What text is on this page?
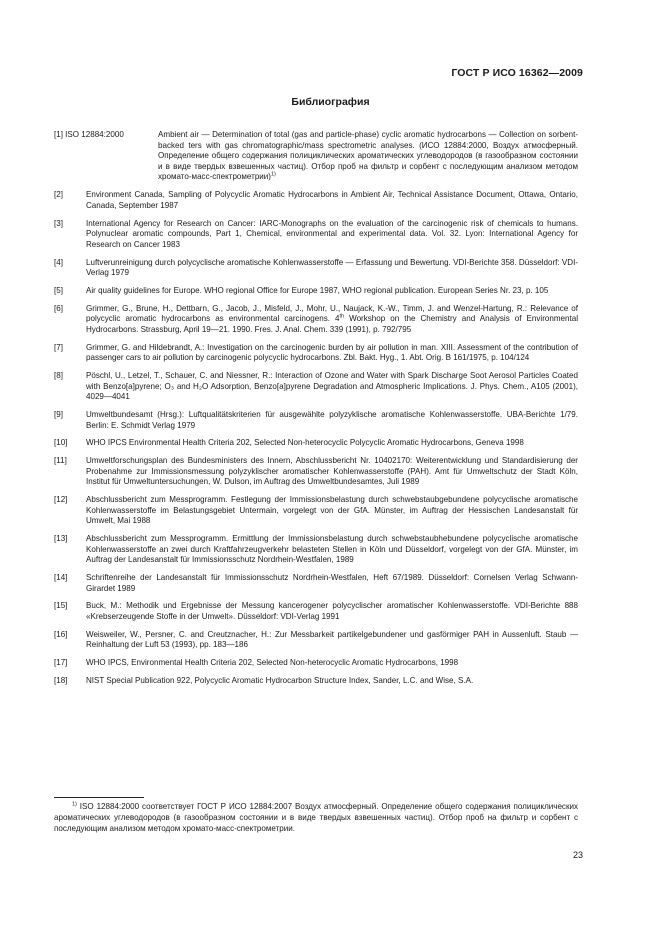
ГОСТ Р ИСО 16362—2009
Библиография
[1] ISO 12884:2000	Ambient air — Determination of total (gas and particle-phase) cyclic aromatic hydrocarbons — Collection on sorbent-backed ters with gas chromatographic/mass spectrometric analyses. (ИСО 12884:2000, Воздух атмосферный. Определение общего содержания полициклических ароматических углеводородов (в газообразном состоянии и в виде твердых взвешенных частиц). Отбор проб на фильтр и сорбент с последующим анализом методом хромато-масс-спектрометрии)$^{1)}$
[2]	Environment Canada, Sampling of Polycyclic Aromatic Hydrocarbons in Ambient Air, Technical Assistance Document, Ottawa, Ontario, Canada, September 1987
[3]	International Agency for Research on Cancer: IARC-Monographs on the evaluation of the carcinogenic risk of chemicals to humans. Polynuclear aromatic compounds, Part 1, Chemical, environmental and experimental data. Vol. 32. Lyon: International Agency for Research on Cancer 1983
[4]	Luftverunreinigung durch polycyclische aromatische Kohlenwasserstoffe — Erfassung und Bewertung. VDI-Berichte 358. Düsseldorf: VDI-Verlag 1979
[5]	Air quality guidelines for Europe. WHO regional Office for Europe 1987, WHO regional publication. European Series Nr. 23, p. 105
[6]	Grimmer, G., Brune, H., Dettbarn, G., Jacob, J., Misfeld, J., Mohr, U., Naujack, K.-W., Timm, J. and Wenzel-Hartung, R.: Relevance of polycyclic aromatic hydrocarbons as environmental carcinogens. 4th Workshop on the Chemistry and Analysis of Environmental Hydrocarbons. Strassburg, April 19—21. 1990. Fres. J. Anal. Chem. 339 (1991), p. 792/795
[7]	Grimmer, G. and Hildebrandt, A.: Investigation on the carcinogenic burden by air pollution in man. XIII. Assessment of the contribution of passenger cars to air pollution by carcinogenic polycyclic hydrocarbons. Zbl. Bakt. Hyg., 1. Abt. Orig. B 161/1975, p. 104/124
[8]	Pöschl, U., Letzel, T., Schauer, C. and Niessner, R.: Interaction of Ozone and Water with Spark Discharge Soot Aerosol Particles Coated with Benzo[a]pyrene; O₃ and H₂O Adsorption, Benzo[a]pyrene Degradation and Atmospheric Implications. J. Phys. Chem., A105 (2001), 4029—4041
[9]	Umweltbundesamt (Hrsg.): Luftqualitätskriterien für ausgewählte polyzyklische aromatische Kohlenwasserstoffe. UBA-Berichte 1/79. Berlin: E. Schmidt Verlag 1979
[10]	WHO IPCS Environmental Health Criteria 202, Selected Non-heterocyclic Polycyclic Aromatic Hydrocarbons, Geneva 1998
[11]	Umweltforschungsplan des Bundesministers des Innern, Abschlussbericht Nr. 10402170: Weiterentwicklung und Standardisierung der Probenahme zur Immissionsmessung polyzyklischer aromatischer Kohlenwasserstoffe (PAH). Amt für Umweltschutz der Stadt Köln, Institut für Umweltuntersuchungen, W. Dulson, im Auftrag des Umweltbundesamtes, Juli 1989
[12]	Abschlussbericht zum Messprogramm. Festlegung der Immissionsbelastung durch schwebstaubgebundene polycyclische aromatische Kohlenwasserstoffe im Belastungsgebiet Untermain, vorgelegt von der GfA. Münster, im Auftrag der Hessischen Landesanstalt für Umwelt, Mai 1988
[13]	Abschlussbericht zum Messprogramm. Ermittlung der Immissionsbelastung durch schwebstaubhebundene polycyclische aromatische Kohlenwasserstoffe an zwei durch Kraftfahrzeugverkehr belasteten Stellen in Köln und Düsseldorf, vorgelegt von der GfA. Münster, im Auftrag der Landesanstalt für Immissionsschutz Nordrhein-Westfalen, 1989
[14]	Schriftenreihe der Landesanstalt für Immissionsschutz Nordrhein-Westfalen, Heft 67/1989. Düsseldorf: Cornelsen Verlag Schwann-Girardet 1989
[15]	Buck, M.: Methodik und Ergebnisse der Messung kancerogener polycyclischer aromatischer Kohlenwasserstoffe. VDI-Berichte 888 «Krebserzeugende Stoffe in der Umwelt». Düsseldorf: VDI-Verlag 1991
[16]	Weisweiler, W., Persner, C. and Creutznacher, H.: Zur Messbarkeit partikelgebundener und gasförmiger PAH in Aussenluft. Staub — Reinhaltung der Luft 53 (1993), pp. 183—186
[17]	WHO IPCS, Environmental Health Criteria 202, Selected Non-heterocyclic Aromatic Hydrocarbons, 1998
[18]	NIST Special Publication 922, Polycyclic Aromatic Hydrocarbon Structure Index, Sander, L.C. and Wise, S.A.
$^{1)}$ ISO 12884:2000 соответствует ГОСТ Р ИСО 12884:2007 Воздух атмосферный. Определение общего содержания полициклических ароматических углеводородов (в газообразном состоянии и в виде твердых взвешенных частиц). Отбор проб на фильтр и сорбент с последующим анализом методом хромато-масс-спектрометрии.
23
